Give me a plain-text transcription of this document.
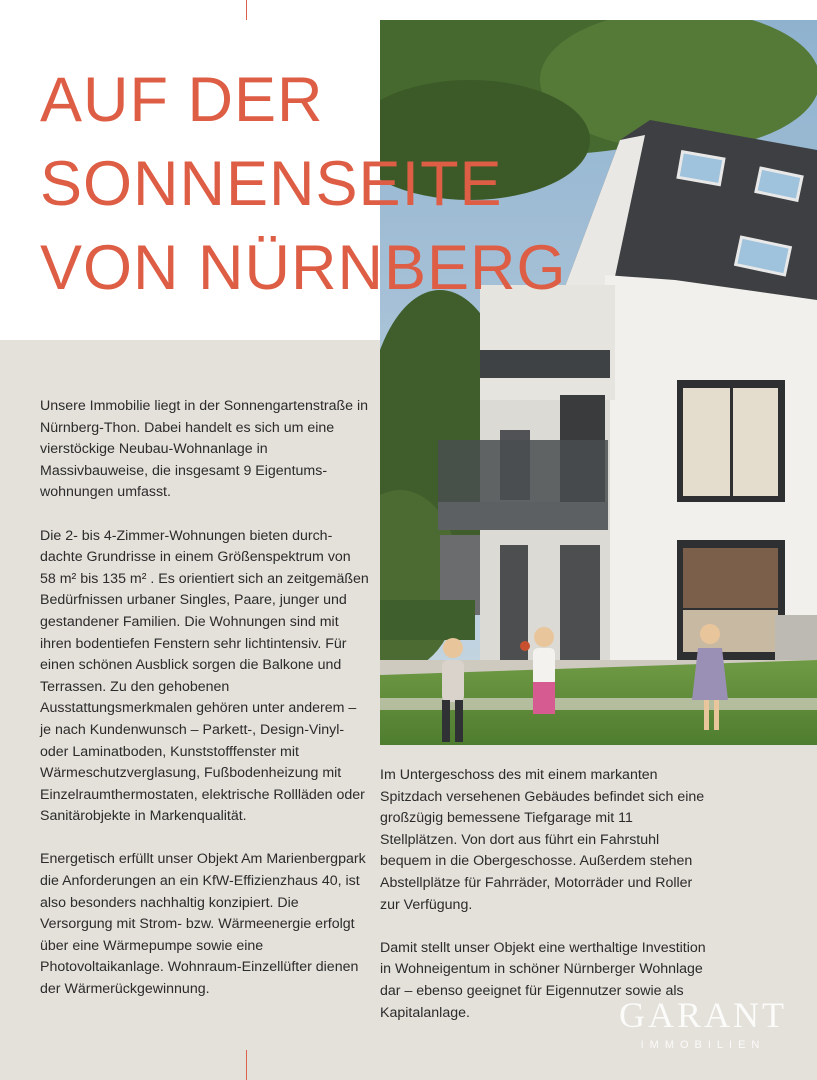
AUF DER
SONNENSEITE
VON NÜRNBERG

Unsere Immobilie liegt in der Sonnengartenstraße in Nürnberg-Thon. Dabei handelt es sich um eine vierstöckige Neubau-Wohnanlage in Massivbauweise, die insgesamt 9 Eigentumswohnungen umfasst.

Die 2- bis 4-Zimmer-Wohnungen bieten durchdachte Grundrisse in einem Größenspektrum von 58 m² bis 135 m² . Es orientiert sich an zeitgemäßen Bedürfnissen urbaner Singles, Paare, junger und gestandener Familien. Die Wohnungen sind mit ihren bodentiefen Fenstern sehr lichtintensiv. Für einen schönen Ausblick sorgen die Balkone und Terrassen. Zu den gehobenen Ausstattungsmerkmalen gehören unter anderem – je nach Kundenwunsch – Parkett-, Design-Vinyl- oder Laminatboden, Kunststofffenster mit Wärmeschutzverglasung, Fußbodenheizung mit Einzelraumthermostaten, elektrische Rollläden oder Sanitärobjekte in Markenqualität.

Energetisch erfüllt unser Objekt Am Marienbergpark die Anforderungen an ein KfW-Effizienzhaus 40, ist also besonders nachhaltig konzipiert. Die Versorgung mit Strom- bzw. Wärmeenergie erfolgt über eine Wärmepumpe sowie eine Photovoltaikanlage. Wohnraum-Einzellüfter dienen der Wärmerückgewinnung.

Im Untergeschoss des mit einem markanten Spitzdach versehenen Gebäudes befindet sich eine großzügig bemessene Tiefgarage mit 11 Stellplätzen. Von dort aus führt ein Fahrstuhl bequem in die Obergeschosse. Außerdem stehen Abstellplätze für Fahrräder, Motorräder und Roller zur Verfügung.

Damit stellt unser Objekt eine werthaltige Investition in Wohneigentum in schöner Nürnberger Wohnlage dar – ebenso geeignet für Eigennutzer sowie als Kapitalanlage.	GARANT
IMMOBILIEN
